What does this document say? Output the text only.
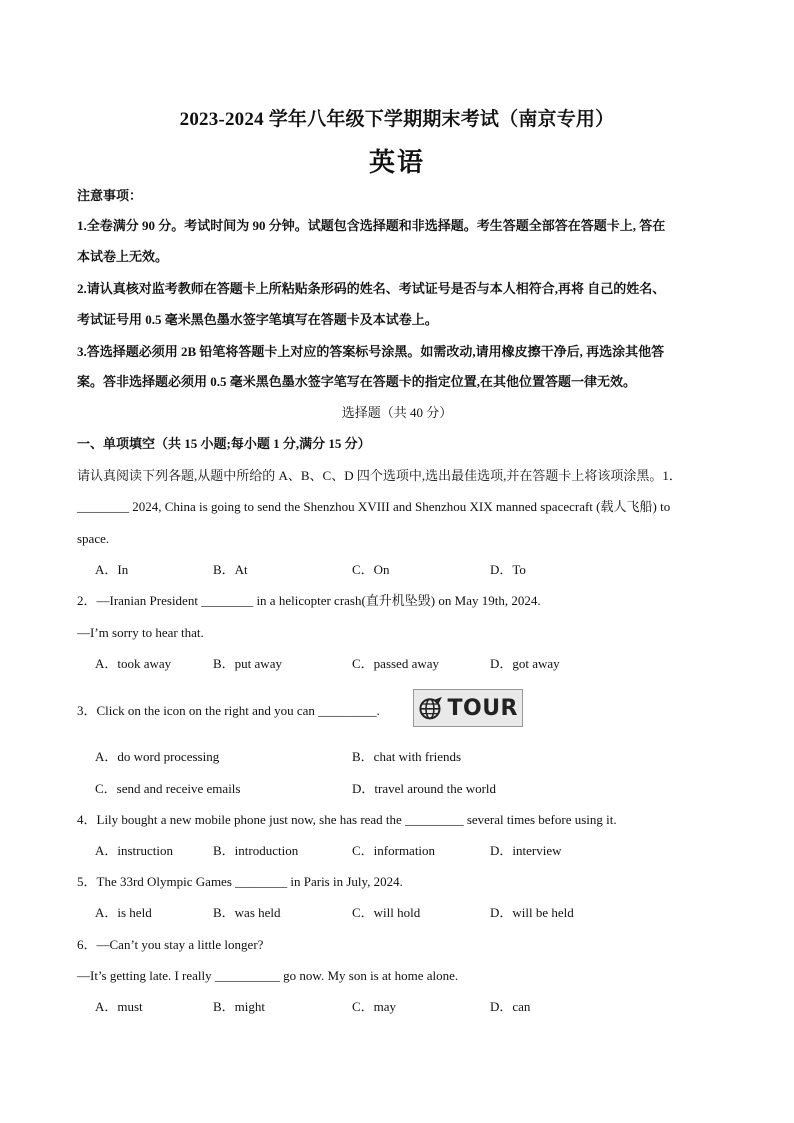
2023-2024 学年八年级下学期期末考试（南京专用）
英语
注意事项：
1.全卷满分 90 分。考试时间为 90 分钟。试题包含选择题和非选择题。考生答题全部答在答题卡上, 答在
本试卷上无效。
2.请认真核对监考教师在答题卡上所粘贴条形码的姓名、考试证号是否与本人相符合,再将 自己的姓名、
考试证号用 0.5 毫米黑色墨水签字笔填写在答题卡及本试卷上。
3.答选择题必须用 2B 铅笔将答题卡上对应的答案标号涂黑。如需改动,请用橡皮擦干净后, 再选涂其他答
案。答非选择题必须用 0.5 毫米黑色墨水签字笔写在答题卡的指定位置,在其他位置答题一律无效。
选择题（共 40 分）
一、单项填空（共 15 小题;每小题 1 分,满分 15 分）
请认真阅读下列各题,从题中所给的 A、B、C、D 四个选项中,选出最佳选项,并在答题卡上将该项涂黑。1．
________ 2024, China is going to send the Shenzhou XVIII and Shenzhou XIX manned spacecraft (载人飞船) to
space.
A．In	B．At	C．On	D．To
2．—Iranian President ________ in a helicopter crash(直升机坠毁) on May 19th, 2024.
—I’m sorry to hear that.
A．took away	B．put away	C．passed away	D．got away
3．Click on the icon on the right and you can _________.	TOUR
A．do word processing	B．chat with friends
C．send and receive emails	D．travel around the world
4．Lily bought a new mobile phone just now, she has read the _________ several times before using it.
A．instruction	B．introduction	C．information	D．interview
5．The 33rd Olympic Games ________ in Paris in July, 2024.
A．is held	B．was held	C．will hold	D．will be held
6．—Can’t you stay a little longer?
—It’s getting late. I really __________ go now. My son is at home alone.
A．must	B．might	C．may	D．can
